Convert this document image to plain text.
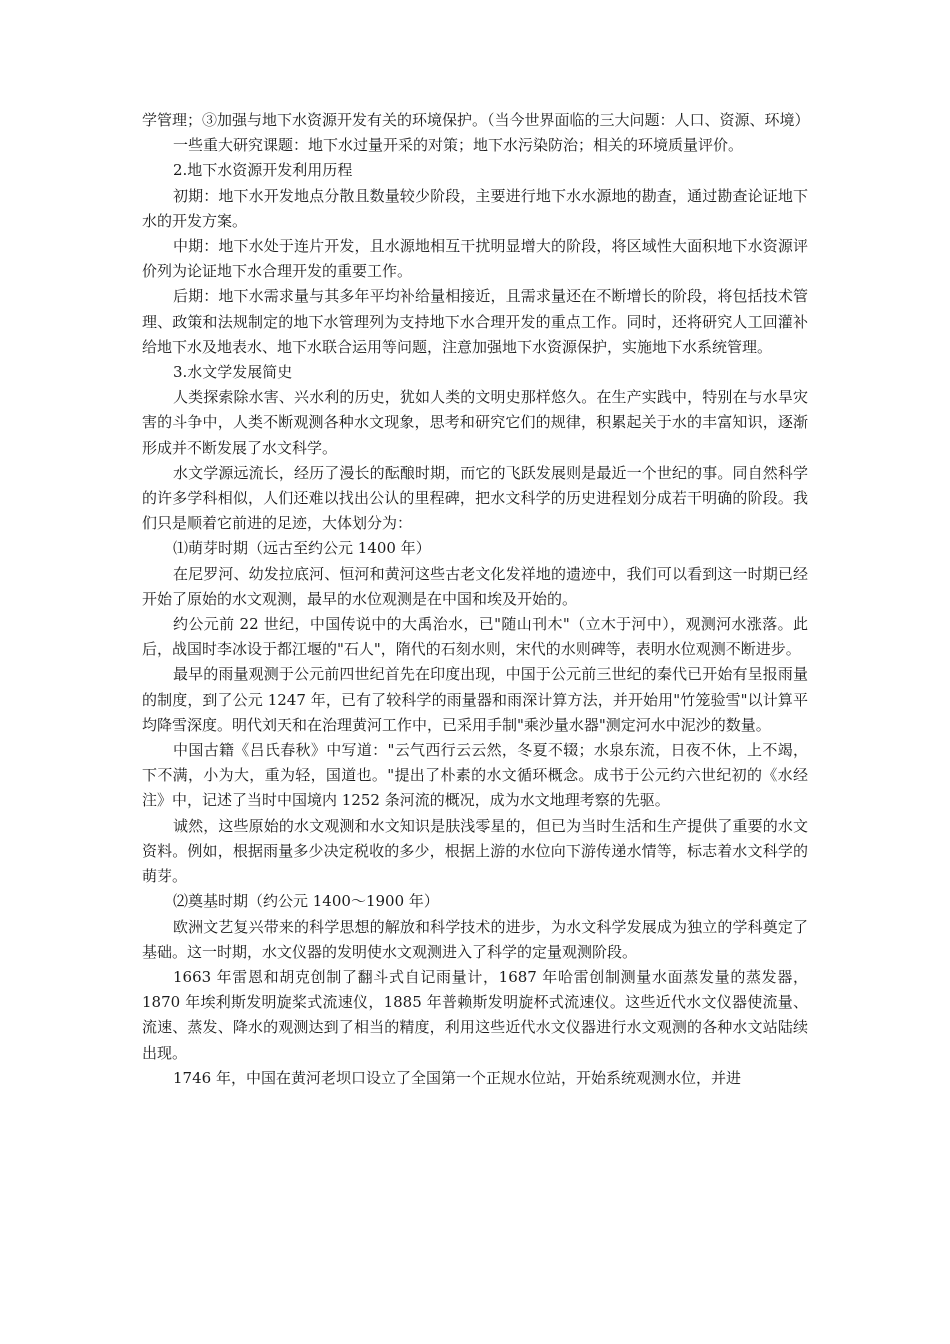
学管理；③加强与地下水资源开发有关的环境保护。（当今世界面临的三大问题：人口、资源、环境）

一些重大研究课题：地下水过量开采的对策；地下水污染防治；相关的环境质量评价。

2.地下水资源开发利用历程

初期：地下水开发地点分散且数量较少阶段，主要进行地下水水源地的勘查，通过勘查论证地下水的开发方案。

中期：地下水处于连片开发，且水源地相互干扰明显增大的阶段，将区域性大面积地下水资源评价列为论证地下水合理开发的重要工作。

后期：地下水需求量与其多年平均补给量相接近，且需求量还在不断增长的阶段，将包括技术管理、政策和法规制定的地下水管理列为支持地下水合理开发的重点工作。同时，还将研究人工回灌补给地下水及地表水、地下水联合运用等问题，注意加强地下水资源保护，实施地下水系统管理。

3.水文学发展简史

人类探索除水害、兴水利的历史，犹如人类的文明史那样悠久。在生产实践中，特别在与水旱灾害的斗争中，人类不断观测各种水文现象，思考和研究它们的规律，积累起关于水的丰富知识，逐渐形成并不断发展了水文科学。

水文学源远流长，经历了漫长的酝酿时期，而它的飞跃发展则是最近一个世纪的事。同自然科学的许多学科相似，人们还难以找出公认的里程碑，把水文科学的历史进程划分成若干明确的阶段。我们只是顺着它前进的足迹，大体划分为：

⑴萌芽时期（远古至约公元 1400 年）

在尼罗河、幼发拉底河、恒河和黄河这些古老文化发祥地的遗迹中，我们可以看到这一时期已经开始了原始的水文观测，最早的水位观测是在中国和埃及开始的。

约公元前 22 世纪，中国传说中的大禹治水，已"随山刊木"（立木于河中），观测河水涨落。此后，战国时李冰设于都江堰的"石人"，隋代的石刻水则，宋代的水则碑等，表明水位观测不断进步。

最早的雨量观测于公元前四世纪首先在印度出现，中国于公元前三世纪的秦代已开始有呈报雨量的制度，到了公元 1247 年，已有了较科学的雨量器和雨深计算方法，并开始用"竹笼验雪"以计算平均降雪深度。明代刘天和在治理黄河工作中，已采用手制"乘沙量水器"测定河水中泥沙的数量。

中国古籍《吕氏春秋》中写道："云气西行云云然，冬夏不辍；水泉东流，日夜不休，上不竭，下不满，小为大，重为轻，国道也。"提出了朴素的水文循环概念。成书于公元约六世纪初的《水经注》中，记述了当时中国境内 1252 条河流的概况，成为水文地理考察的先驱。

诚然，这些原始的水文观测和水文知识是肤浅零星的，但已为当时生活和生产提供了重要的水文资料。例如，根据雨量多少决定税收的多少，根据上游的水位向下游传递水情等，标志着水文科学的萌芽。

⑵奠基时期（约公元 1400～1900 年）

欧洲文艺复兴带来的科学思想的解放和科学技术的进步，为水文科学发展成为独立的学科奠定了基础。这一时期，水文仪器的发明使水文观测进入了科学的定量观测阶段。

1663 年雷恩和胡克创制了翻斗式自记雨量计，1687 年哈雷创制测量水面蒸发量的蒸发器，1870 年埃利斯发明旋桨式流速仪，1885 年普赖斯发明旋杯式流速仪。这些近代水文仪器使流量、流速、蒸发、降水的观测达到了相当的精度，利用这些近代水文仪器进行水文观测的各种水文站陆续出现。

1746 年，中国在黄河老坝口设立了全国第一个正规水位站，开始系统观测水位，并进
